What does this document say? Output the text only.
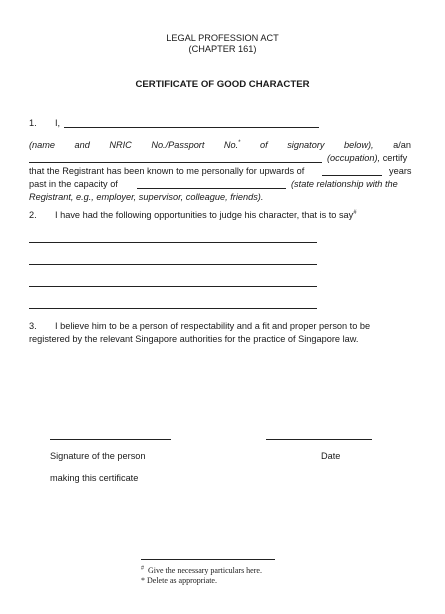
LEGAL PROFESSION ACT
(CHAPTER 161)
CERTIFICATE OF GOOD CHARACTER
1. I,
(name and NRIC No./Passport No.* of signatory below), a/an
(occupation), certify
that the Registrant has been known to me personally for upwards of	years
past in the capacity of	(state relationship with the
Registrant, e.g., employer, supervisor, colleague, friends).
2. I have had the following opportunities to judge his character, that is to say#
3. I believe him to be a person of respectability and a fit and proper person to be
registered by the relevant Singapore authorities for the practice of Singapore law.
Signature of the person	Date
making this certificate
# Give the necessary particulars here.
* Delete as appropriate.
